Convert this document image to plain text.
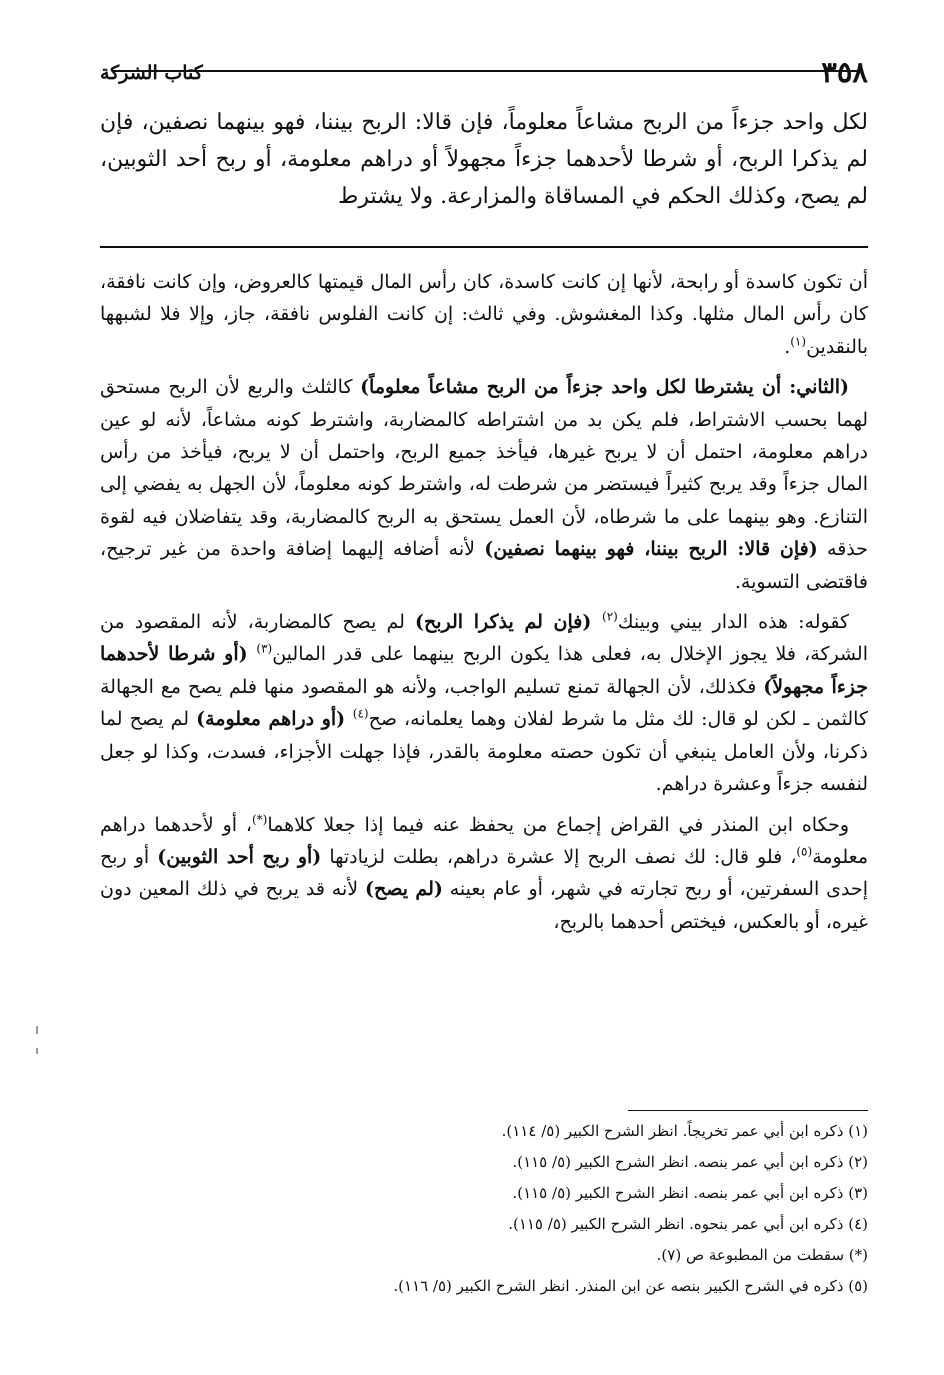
٣٥٨
كتاب الشركة
لكل واحد جزءاً من الربح مشاعاً معلوماً، فإن قالا: الربح بيننا، فهو بينهما نصفين، فإن لم يذكرا الربح، أو شرطا لأحدهما جزءاً مجهولاً أو دراهم معلومة، أو ربح أحد الثوبين، لم يصح، وكذلك الحكم في المساقاة والمزارعة. ولا يشترط

أن تكون كاسدة أو رابحة، لأنها إن كانت كاسدة، كان رأس المال قيمتها كالعروض، وإن كانت نافقة، كان رأس المال مثلها. وكذا المغشوش. وفي ثالث: إن كانت الفلوس نافقة، جاز، وإلا فلا لشبهها بالنقدين$^{(١)}$.

 (الثاني: أن يشترطا لكل واحد جزءاً من الربح مشاعاً معلوماً) كالثلث والربع لأن الربح مستحق لهما بحسب الاشتراط، فلم يكن بد من اشتراطه كالمضاربة، واشترط كونه مشاعاً، لأنه لو عين دراهم معلومة، احتمل أن لا يربح غيرها، فيأخذ جميع الربح، واحتمل أن لا يربح، فيأخذ من رأس المال جزءاً وقد يربح كثيراً فيستضر من شرطت له، واشترط كونه معلوماً، لأن الجهل به يفضي إلى التنازع. وهو بينهما على ما شرطاه، لأن العمل يستحق به الربح كالمضاربة، وقد يتفاضلان فيه لقوة حذقه (فإن قالا: الربح بيننا، فهو بينهما نصفين) لأنه أضافه إليهما إضافة واحدة من غير ترجيح، فاقتضى التسوية.

 كقوله: هذه الدار بيني وبينك$^{(٢)}$ (فإن لم يذكرا الربح) لم يصح كالمضاربة، لأنه المقصود من الشركة، فلا يجوز الإخلال به، فعلى هذا يكون الربح بينهما على قدر المالين$^{(٣)}$ (أو شرطا لأحدهما جزءاً مجهولاً) فكذلك، لأن الجهالة تمنع تسليم الواجب، ولأنه هو المقصود منها فلم يصح مع الجهالة كالثمن ـ لكن لو قال: لك مثل ما شرط لفلان وهما يعلمانه، صح$^{(٤)}$ (أو دراهم معلومة) لم يصح لما ذكرنا، ولأن العامل ينبغي أن تكون حصته معلومة بالقدر، فإذا جهلت الأجزاء، فسدت، وكذا لو جعل لنفسه جزءاً وعشرة دراهم.

 وحكاه ابن المنذر في القراض إجماع من يحفظ عنه فيما إذا جعلا كلاهما(*)، أو لأحدهما دراهم معلومة$^{(٥)}$، فلو قال: لك نصف الربح إلا عشرة دراهم، بطلت لزيادتها (أو ربح أحد الثوبين) أو ربح إحدى السفرتين، أو ربح تجارته في شهر، أو عام بعينه (لم يصح) لأنه قد يربح في ذلك المعين دون غيره، أو بالعكس، فيختص أحدهما بالربح،

(١) ذكره ابن أبي عمر تخريجاً. انظر الشرح الكبير (٥/ ١١٤).
(٢) ذكره ابن أبي عمر بنصه. انظر الشرح الكبير (٥/ ١١٥).
(٣) ذكره ابن أبي عمر بنصه. انظر الشرح الكبير (٥/ ١١٥).
(٤) ذكره ابن أبي عمر بنحوه. انظر الشرح الكبير (٥/ ١١٥).
(*) سقطت من المطبوعة ص (٧).
(٥) ذكره في الشرح الكبير بنصه عن ابن المنذر. انظر الشرح الكبير (٥/ ١١٦).
